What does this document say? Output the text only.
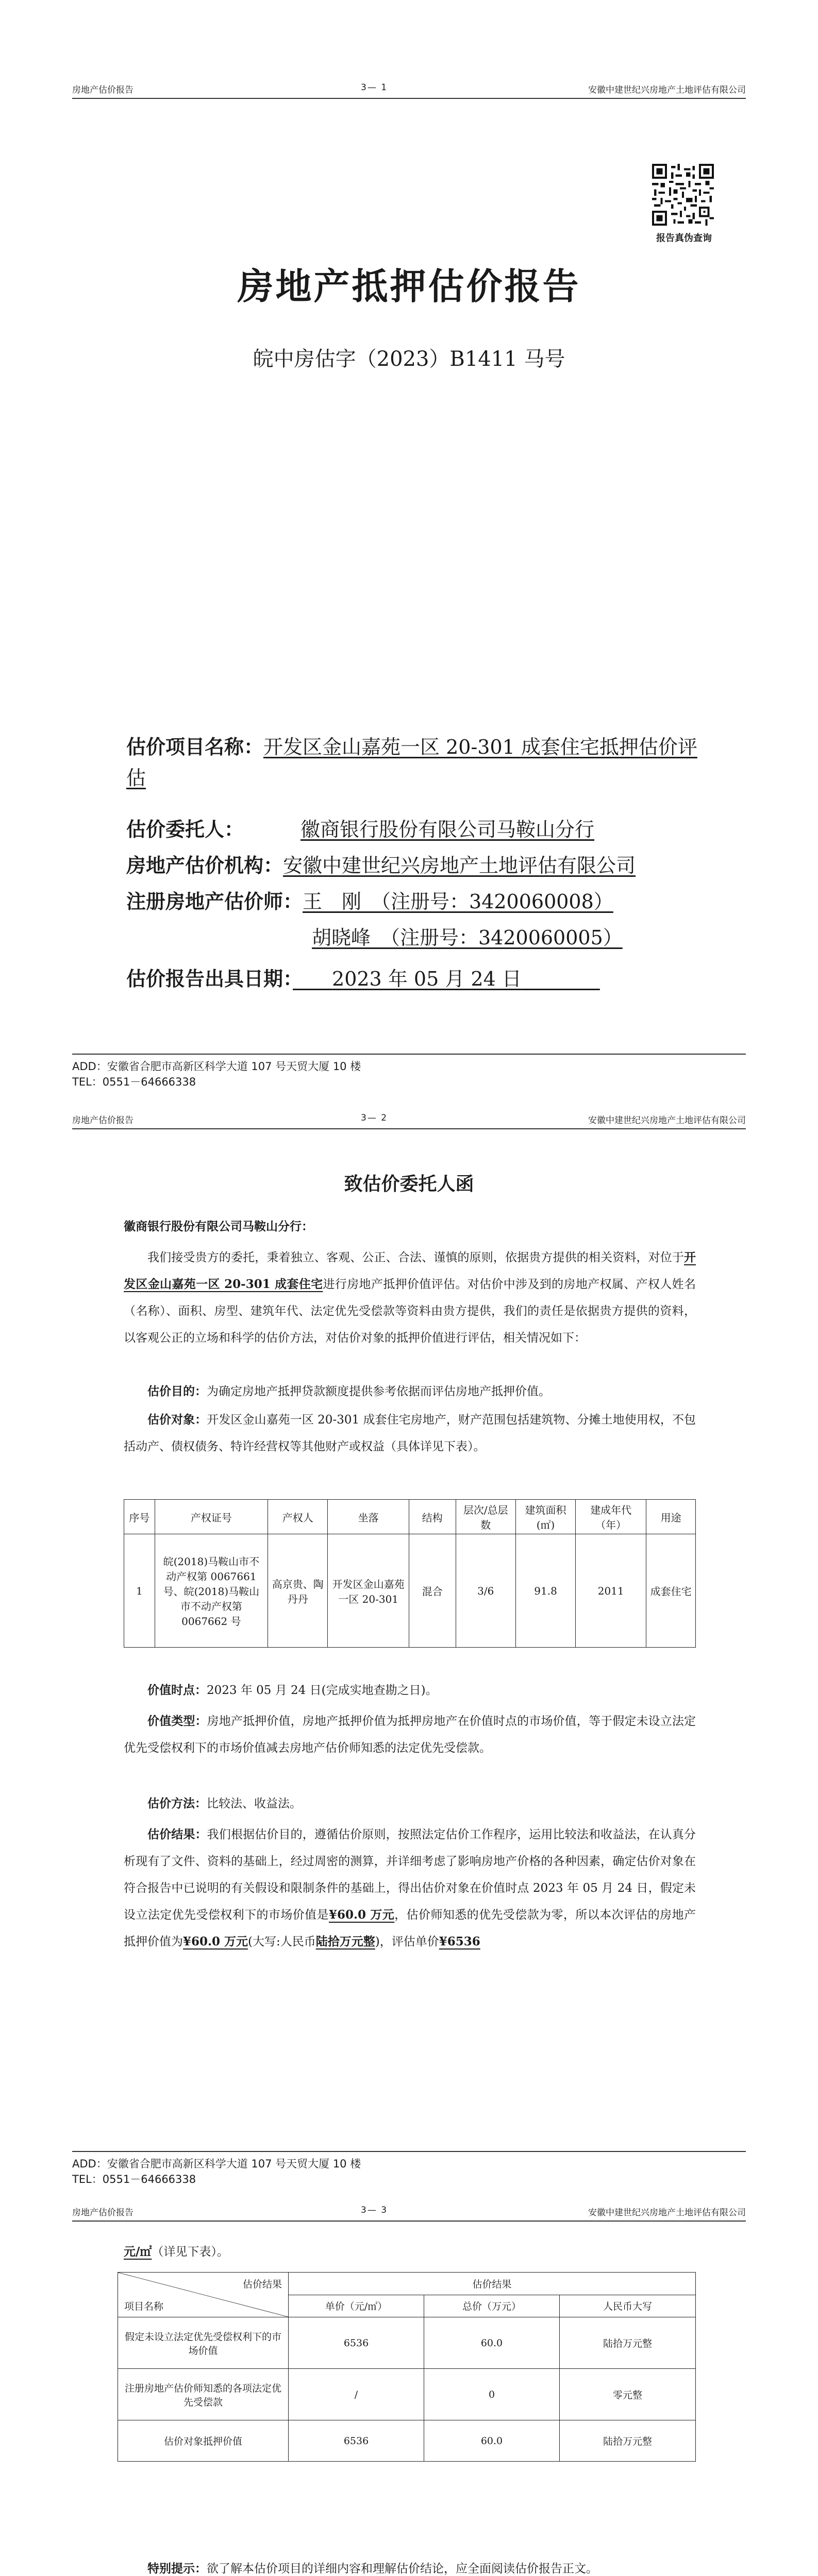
房地产估价报告	3— 1	安徽中建世纪兴房地产土地评估有限公司
报告真伪查询
房地产抵押估价报告
皖中房估字（2023）B1411 马号
估价项目名称：开发区金山嘉苑一区 20-301 成套住宅抵押估价评估
估价委托人：	徽商银行股份有限公司马鞍山分行
房地产估价机构：安徽中建世纪兴房地产土地评估有限公司
注册房地产估价师：王　刚　（注册号：3420060008）
胡晓峰　（注册号：3420060005）
估价报告出具日期：　　 2023 年 05 月 24 日　　　　
ADD：安徽省合肥市高新区科学大道 107 号天贸大厦 10 楼
TEL：0551－64666338
房地产估价报告	3— 2	安徽中建世纪兴房地产土地评估有限公司
致估价委托人函
徽商银行股份有限公司马鞍山分行：
我们接受贵方的委托，秉着独立、客观、公正、合法、谨慎的原则，依据贵方提供的相关资料，对位于开发区金山嘉苑一区 20-301 成套住宅进行房地产抵押价值评估。对估价中涉及到的房地产权属、产权人姓名（名称）、面积、房型、建筑年代、法定优先受偿款等资料由贵方提供，我们的责任是依据贵方提供的资料，以客观公正的立场和科学的估价方法，对估价对象的抵押价值进行评估，相关情况如下：
估价目的：为确定房地产抵押贷款额度提供参考依据而评估房地产抵押价值。
估价对象：开发区金山嘉苑一区 20-301 成套住宅房地产，财产范围包括建筑物、分摊土地使用权，不包括动产、债权债务、特许经营权等其他财产或权益（具体详见下表）。
序号	产权证号	产权人	坐落	结构	层次/总层数	建筑面积(㎡)	建成年代（年）	用途
1	皖(2018)马鞍山市不动产权第 0067661 号、皖(2018)马鞍山市不动产权第 0067662 号	高京贵、陶丹丹	开发区金山嘉苑一区 20-301	混合	3/6	91.8	2011	成套住宅
价值时点：2023 年 05 月 24 日(完成实地查勘之日)。
价值类型：房地产抵押价值，房地产抵押价值为抵押房地产在价值时点的市场价值，等于假定未设立法定优先受偿权利下的市场价值减去房地产估价师知悉的法定优先受偿款。
估价方法：比较法、收益法。
估价结果：我们根据估价目的，遵循估价原则，按照法定估价工作程序，运用比较法和收益法，在认真分析现有了文件、资料的基础上，经过周密的测算，并详细考虑了影响房地产价格的各种因素，确定估价对象在符合报告中已说明的有关假设和限制条件的基础上，得出估价对象在价值时点 2023 年 05 月 24 日，假定未设立法定优先受偿权利下的市场价值是¥60.0 万元，估价师知悉的优先受偿款为零，所以本次评估的房地产抵押价值为¥60.0 万元(大写:人民币陆拾万元整)，评估单价¥6536
ADD：安徽省合肥市高新区科学大道 107 号天贸大厦 10 楼
TEL：0551－64666338
房地产估价报告	3— 3	安徽中建世纪兴房地产土地评估有限公司
元/㎡（详见下表）。
估价结果
项目名称	估价结果		
	单价（元/㎡）	总价（万元）	人民币大写
假定未设立法定优先受偿权利下的市场价值	6536	60.0	陆拾万元整
注册房地产估价师知悉的各项法定优先受偿款	/	0	零元整
估价对象抵押价值	6536	60.0	陆拾万元整
特别提示：欲了解本估价项目的详细内容和理解估价结论，应全面阅读估价报告正文。
